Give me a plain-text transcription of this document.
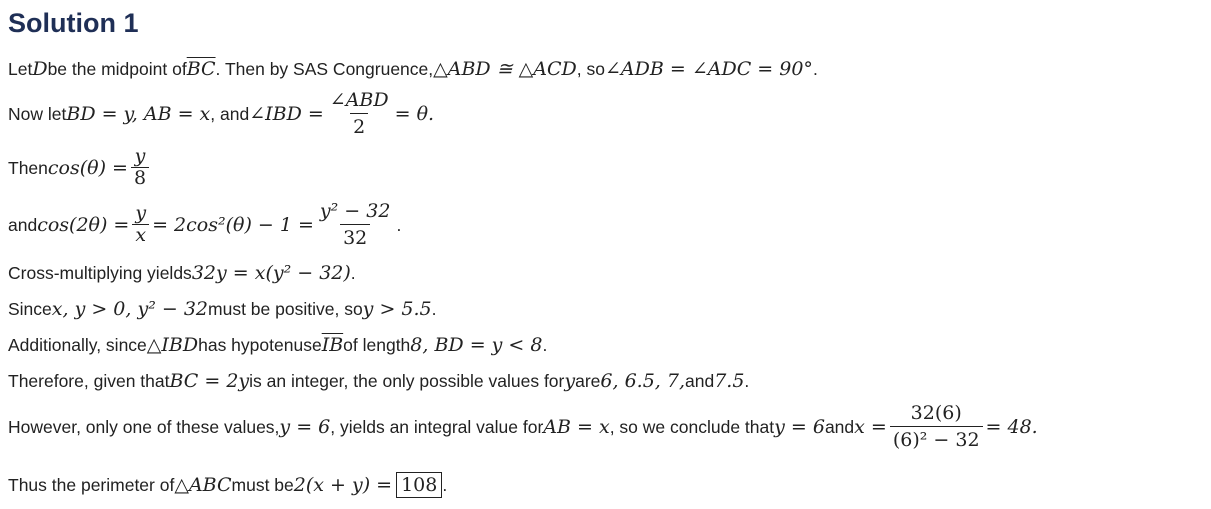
Solution 1
Let D be the midpoint of $\overline{BC}$ . Then by SAS Congruence, △ABD ≅ △ACD , so ∠ADB = ∠ADC = 90° .
Now let BD = y, AB = x , and ∠IBD = $\frac{\text{∠ABD}}{2} = \theta$.
Then $\cos(\theta) = \frac{y}{8}$
and $\cos(2\theta) = \frac{y}{x} = 2\cos^2(\theta) - 1 = \frac{\text{y² − 32}}{32}$ .
Cross-multiplying yields 32y = x(y² − 32) .
Since x, y > 0, y² − 32 must be positive, so y > 5.5 .
Additionally, since △IBD has hypotenuse $\overline{IB}$ of length 8, BD = y < 8 .
Therefore, given that BC = 2y is an integer, the only possible values for y are 6, 6.5, 7, and 7.5 .
However, only one of these values, y = 6 , yields an integral value for AB = x , so we conclude that y = 6 and $x = \frac{32(6)}{\text{(6)² − 32}} = 48$.
Thus the perimeter of △ABC must be 2(x + y) = 108 .
